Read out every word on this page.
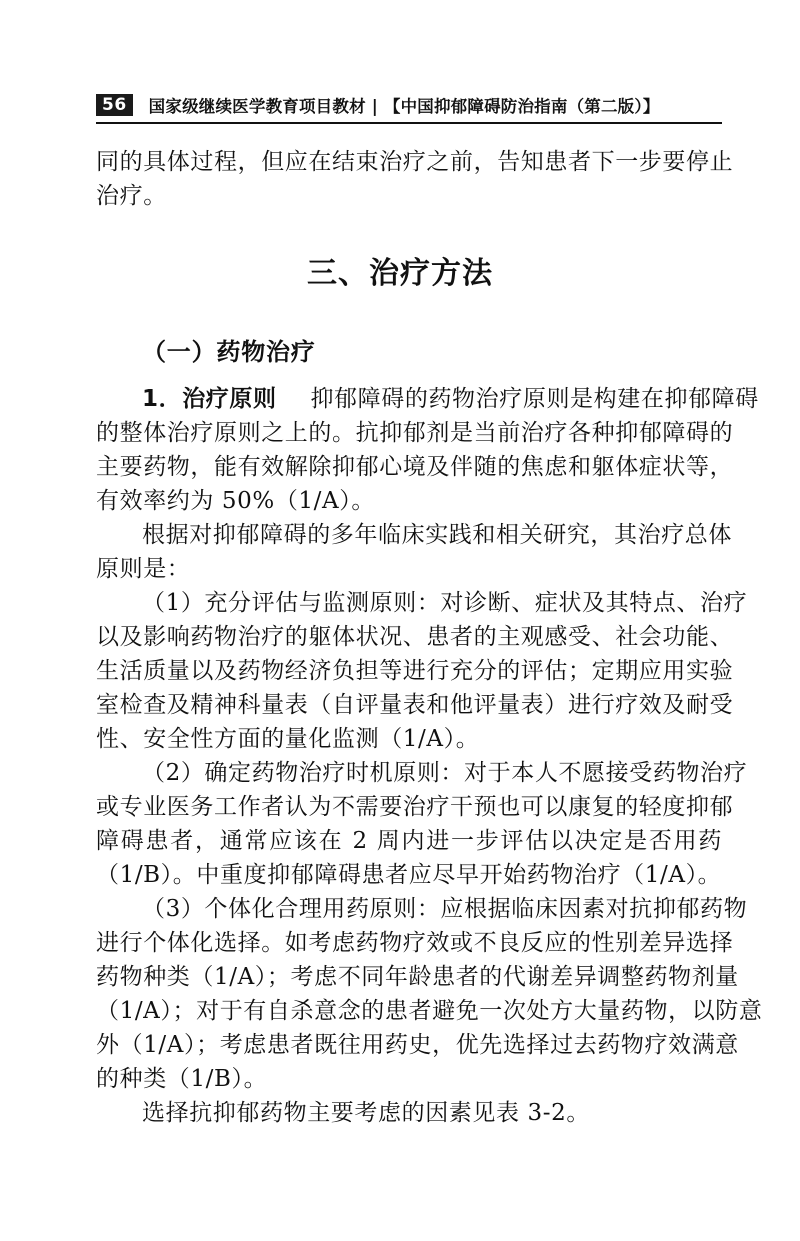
56	国家级继续医学教育项目教材 | 【中国抑郁障碍防治指南（第二版）】
同的具体过程，但应在结束治疗之前，告知患者下一步要停止
治疗。
三、治疗方法
（一）药物治疗
1．治疗原则 抑郁障碍的药物治疗原则是构建在抑郁障碍
的整体治疗原则之上的。抗抑郁剂是当前治疗各种抑郁障碍的
主要药物，能有效解除抑郁心境及伴随的焦虑和躯体症状等，
有效率约为 50%（1/A）。
根据对抑郁障碍的多年临床实践和相关研究，其治疗总体
原则是：
（1）充分评估与监测原则：对诊断、症状及其特点、治疗
以及影响药物治疗的躯体状况、患者的主观感受、社会功能、
生活质量以及药物经济负担等进行充分的评估；定期应用实验
室检查及精神科量表（自评量表和他评量表）进行疗效及耐受
性、安全性方面的量化监测（1/A）。
（2）确定药物治疗时机原则：对于本人不愿接受药物治疗
或专业医务工作者认为不需要治疗干预也可以康复的轻度抑郁
障碍患者，通常应该在 2 周内进一步评估以决定是否用药
（1/B）。中重度抑郁障碍患者应尽早开始药物治疗（1/A）。
（3）个体化合理用药原则：应根据临床因素对抗抑郁药物
进行个体化选择。如考虑药物疗效或不良反应的性别差异选择
药物种类（1/A）；考虑不同年龄患者的代谢差异调整药物剂量
（1/A）；对于有自杀意念的患者避免一次处方大量药物，以防意
外（1/A）；考虑患者既往用药史，优先选择过去药物疗效满意
的种类（1/B）。
选择抗抑郁药物主要考虑的因素见表 3-2。
